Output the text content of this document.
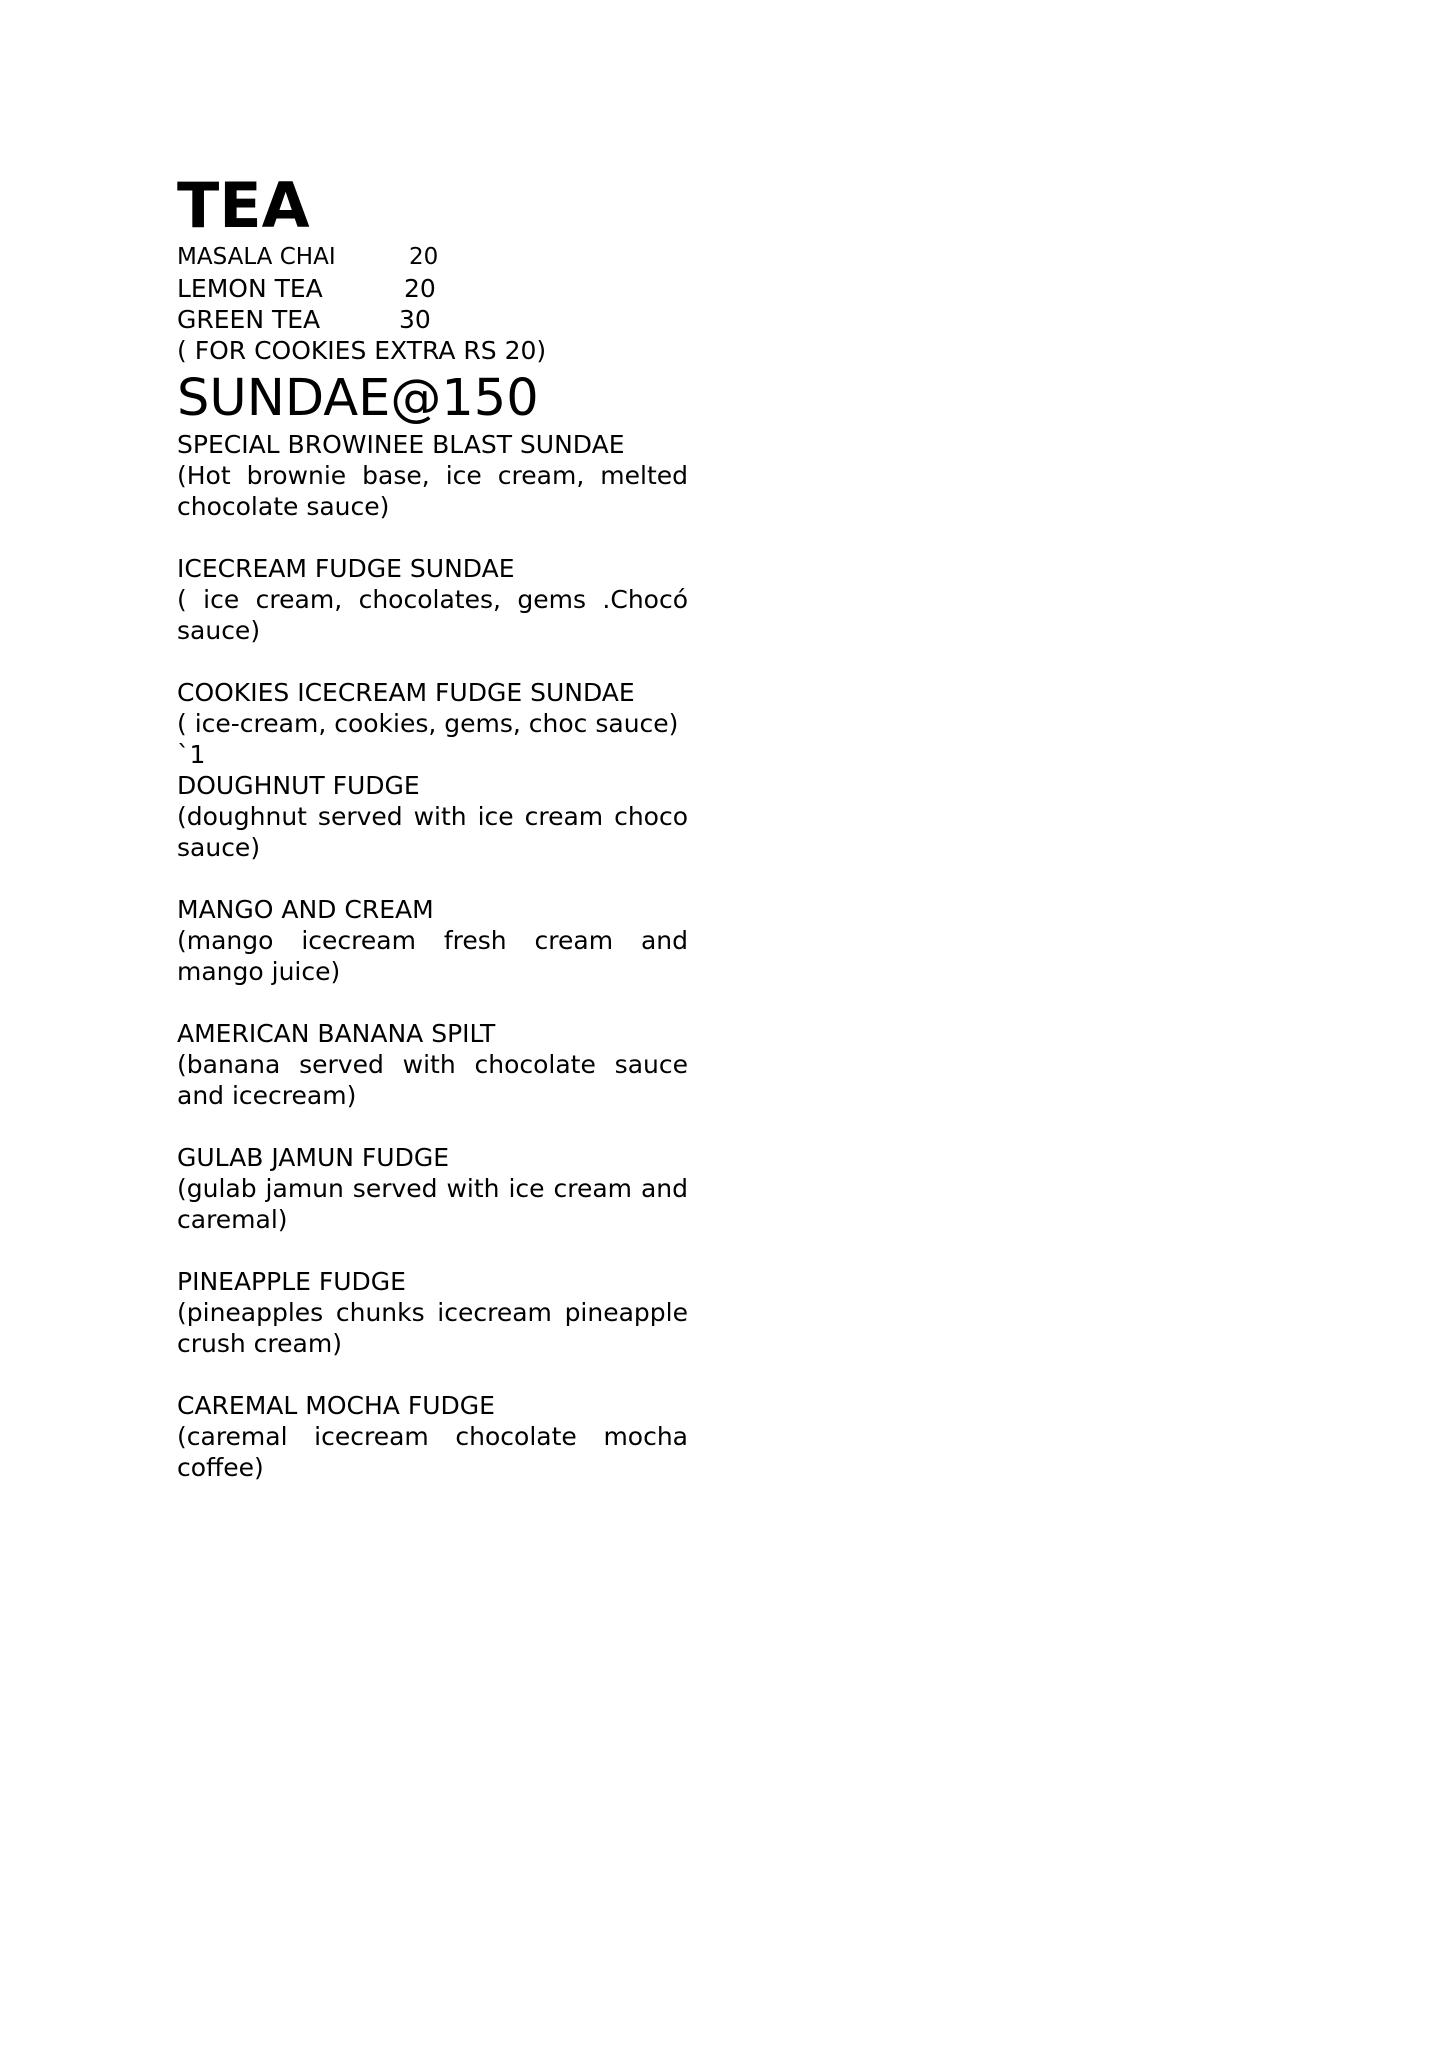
TEA
MASALA CHAI	20
LEMON TEA	20
GREEN TEA	30
( FOR COOKIES EXTRA RS 20)
SUNDAE@150
SPECIAL BROWINEE BLAST SUNDAE
(Hot brownie base, ice cream, melted chocolate sauce)
ICECREAM FUDGE SUNDAE
( ice cream, chocolates, gems .Chocó sauce)
COOKIES ICECREAM FUDGE SUNDAE
( ice-cream, cookies, gems, choc sauce)
`1
DOUGHNUT FUDGE
(doughnut served with ice cream choco sauce)
MANGO AND CREAM
(mango icecream fresh cream and mango juice)
AMERICAN BANANA SPILT
(banana served with chocolate sauce and icecream)
GULAB JAMUN FUDGE
(gulab jamun served with ice cream and caremal)
PINEAPPLE FUDGE
(pineapples chunks icecream pineapple crush cream)
CAREMAL MOCHA FUDGE
(caremal icecream chocolate mocha coffee)
